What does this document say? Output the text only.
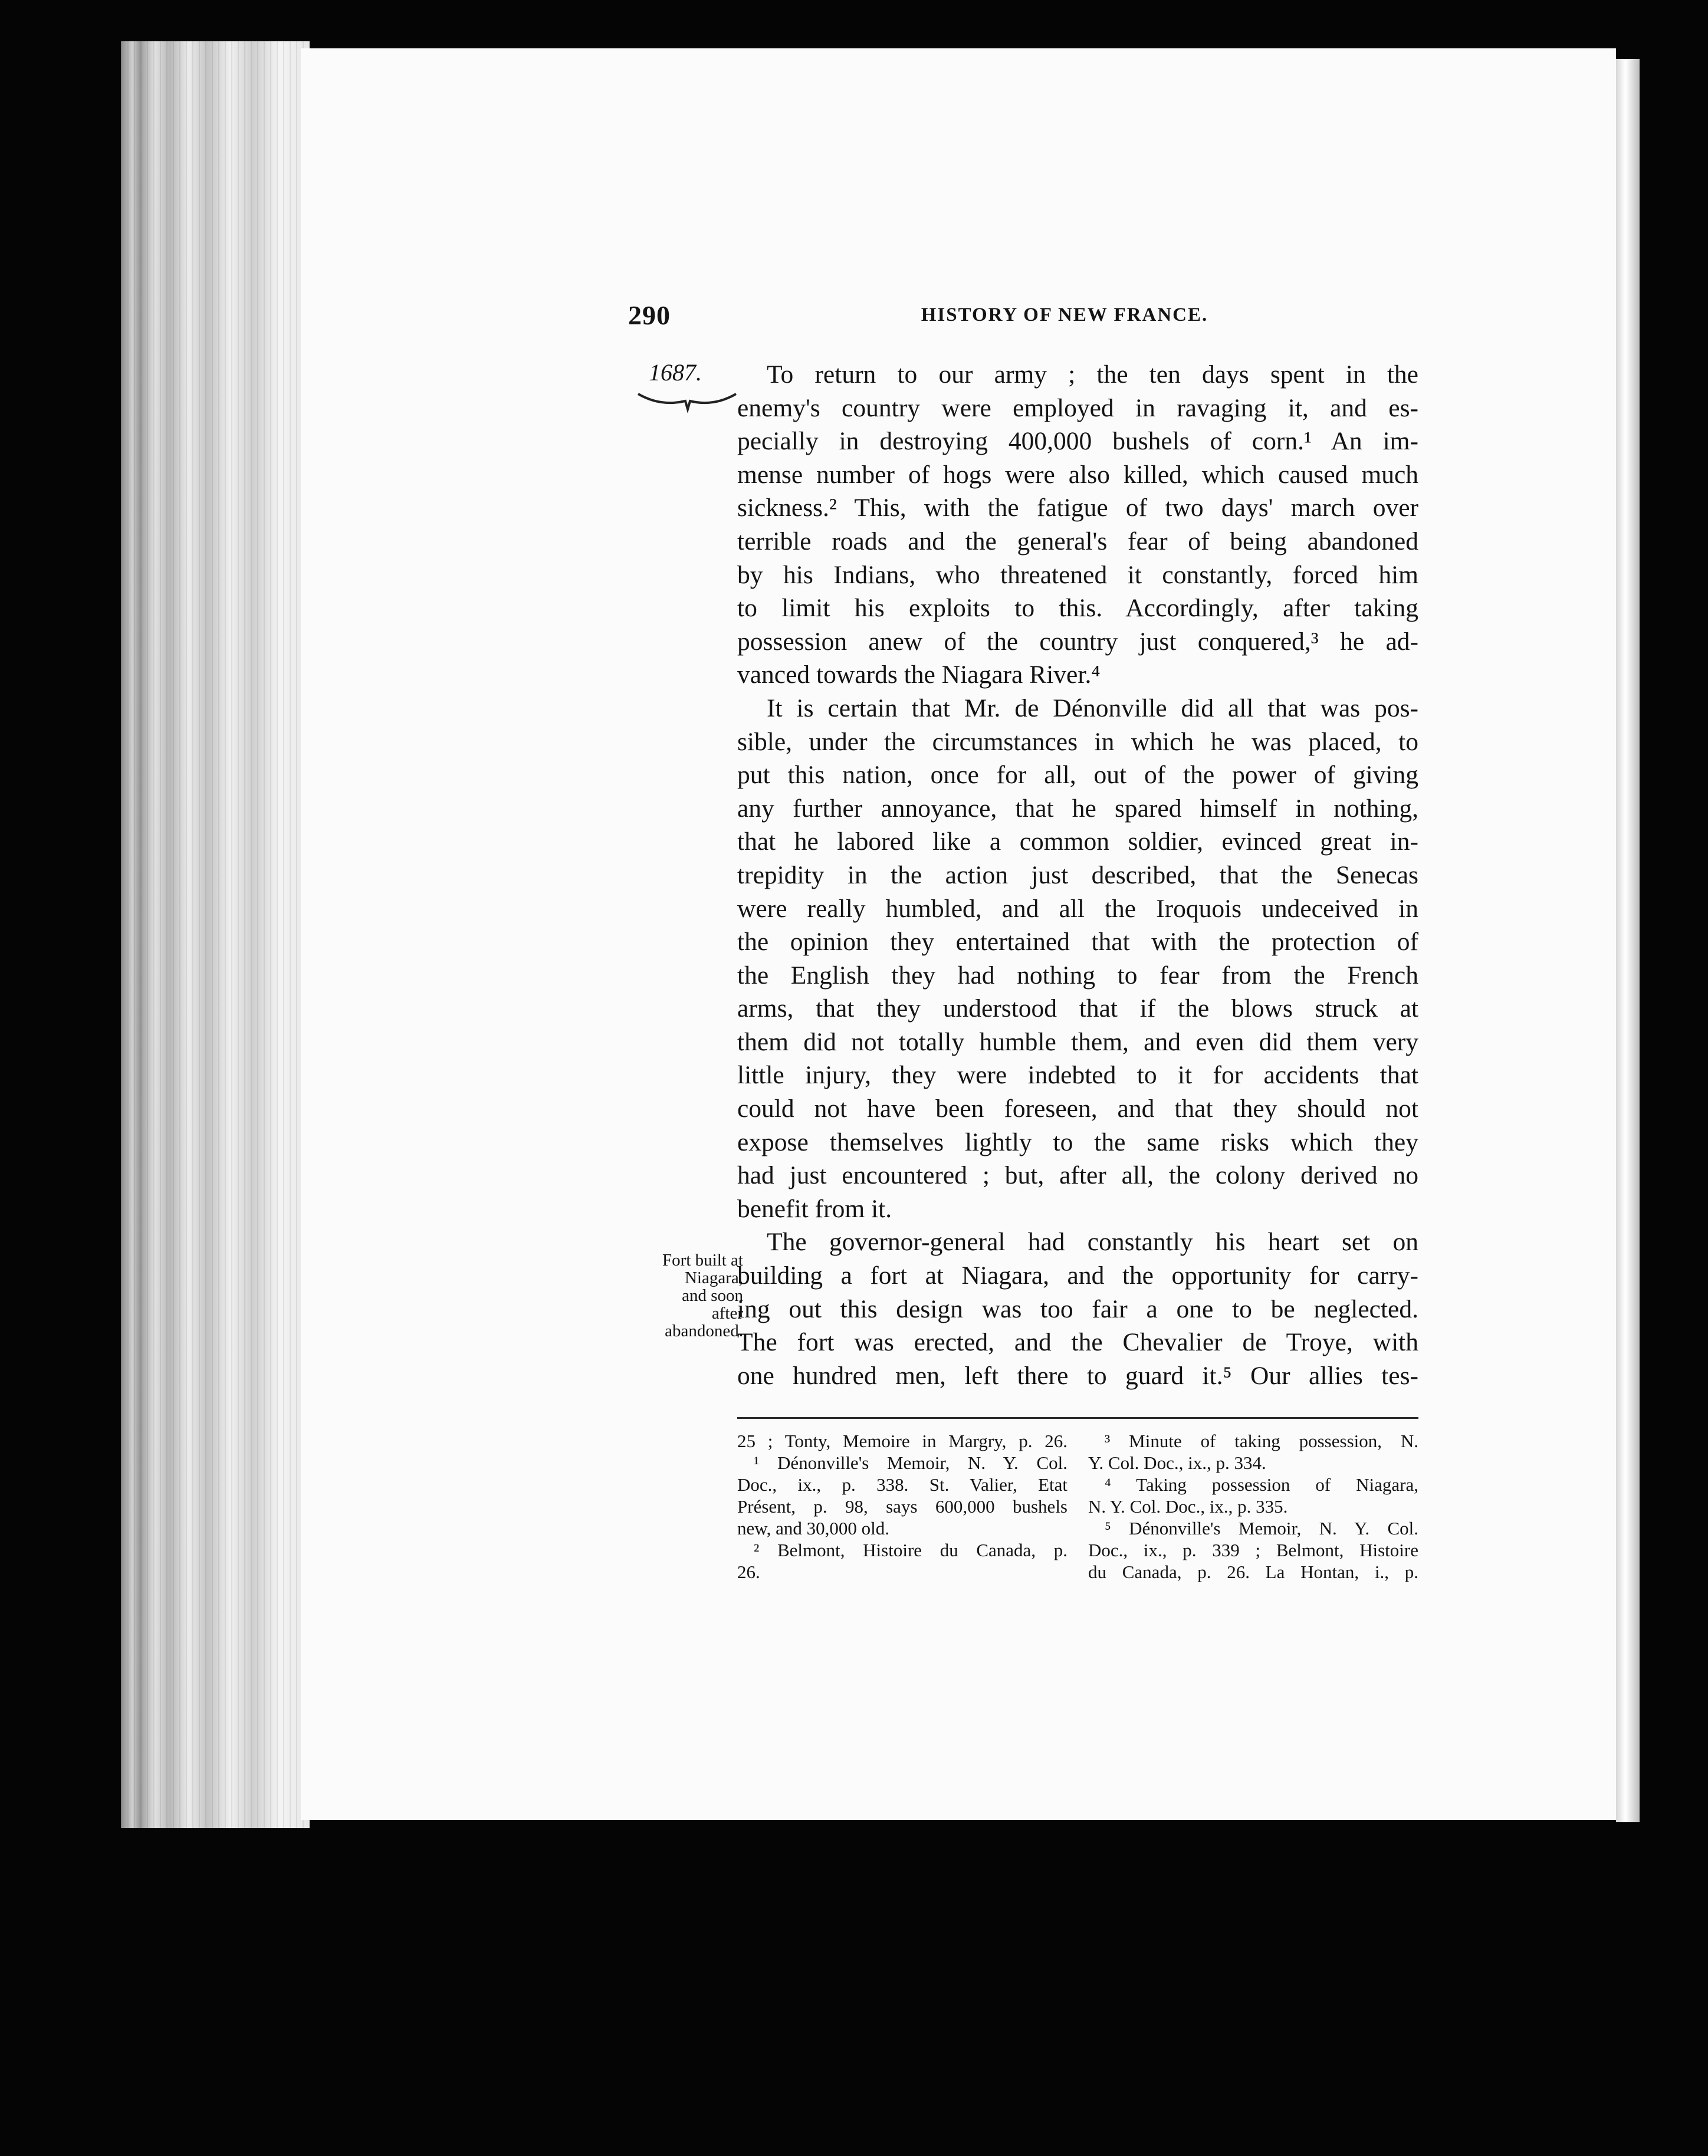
290	HISTORY OF NEW FRANCE.
1687.	To return to our army ; the ten days spent in the
enemy's country were employed in ravaging it, and es-
pecially in destroying 400,000 bushels of corn.¹ An im-
mense number of hogs were also killed, which caused much
sickness.² This, with the fatigue of two days' march over
terrible roads and the general's fear of being abandoned
by his Indians, who threatened it constantly, forced him
to limit his exploits to this. Accordingly, after taking
possession anew of the country just conquered,³ he ad-
vanced towards the Niagara River.⁴
It is certain that Mr. de Dénonville did all that was pos-
sible, under the circumstances in which he was placed, to
put this nation, once for all, out of the power of giving
any further annoyance, that he spared himself in nothing,
that he labored like a common soldier, evinced great in-
trepidity in the action just described, that the Senecas
were really humbled, and all the Iroquois undeceived in
the opinion they entertained that with the protection of
the English they had nothing to fear from the French
arms, that they understood that if the blows struck at
them did not totally humble them, and even did them very
little injury, they were indebted to it for accidents that
could not have been foreseen, and that they should not
expose themselves lightly to the same risks which they
had just encountered ; but, after all, the colony derived no
benefit from it.
The governor-general had constantly his heart set on
building a fort at Niagara, and the opportunity for carry-
ing out this design was too fair a one to be neglected.
The fort was erected, and the Chevalier de Troye, with
one hundred men, left there to guard it.⁵ Our allies tes-
Fort built at
Niagara,
and soon
after
abandoned.
25 ; Tonty, Memoire in Margry, p. 26.
¹ Dénonville's Memoir, N. Y. Col.
Doc., ix., p. 338. St. Valier, Etat
Présent, p. 98, says 600,000 bushels
new, and 30,000 old.
² Belmont, Histoire du Canada, p.
26.
³ Minute of taking possession, N.
Y. Col. Doc., ix., p. 334.
⁴ Taking possession of Niagara,
N. Y. Col. Doc., ix., p. 335.
⁵ Dénonville's Memoir, N. Y. Col.
Doc., ix., p. 339 ; Belmont, Histoire
du Canada, p. 26. La Hontan, i., p.
